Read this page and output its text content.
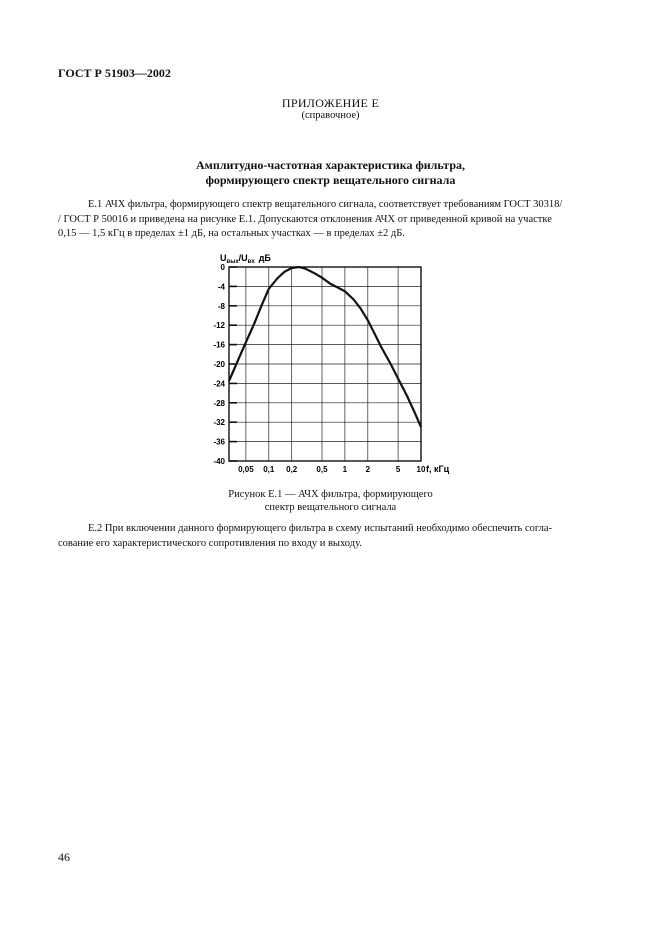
ГОСТ Р 51903—2002
ПРИЛОЖЕНИЕ Е
(справочное)
Амплитудно-частотная характеристика фильтра,
формирующего спектр вещательного сигнала
Е.1 АЧХ фильтра, формирующего спектр вещательного сигнала, соответствует требованиям ГОСТ 30318/
/ ГОСТ Р 50016 и приведена на рисунке Е.1. Допускаются отклонения АЧХ от приведенной кривой на участке
0,15 — 1,5 кГц в пределах ±1 дБ, на остальных участках — в пределах ±2 дБ.
$U_{вых}/U_{вх}$ дБ
0
-4
-8
-12
-16
-20
-24
-28
-32
-36
-40
0,05 0,1 0,2 0,5 1 2	5 10 f, кГц
Рисунок Е.1 — АЧХ фильтра, формирующего
спектр вещательного сигнала
Е.2 При включении данного формирующего фильтра в схему испытаний необходимо обеспечить согла-
сование его характеристического сопротивления по входу и выходу.
46
